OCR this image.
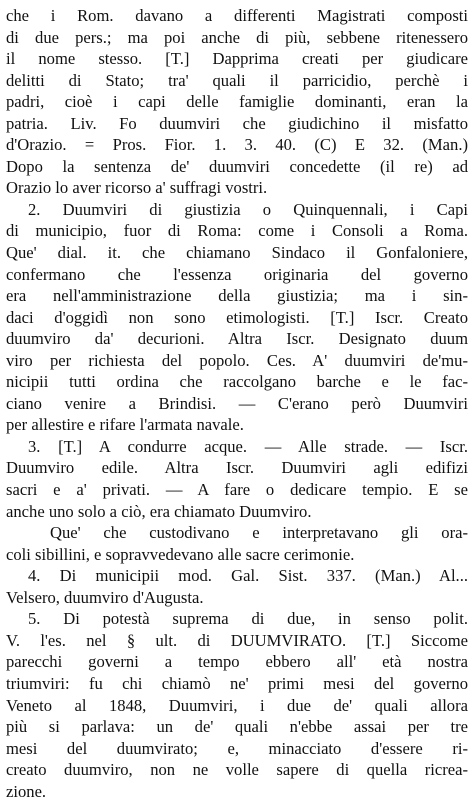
che i Rom. davano a differenti Magistrati composti
di due pers.; ma poi anche di più, sebbene ritenessero
il nome stesso. [T.] Dapprima creati per giudicare
delitti di Stato; tra' quali il parricidio, perchè i
padri, cioè i capi delle famiglie dominanti, eran la
patria. Liv. Fo duumviri che giudichino il misfatto
d'Orazio. = Pros. Fior. 1. 3. 40. (C) E 32. (Man.)
Dopo la sentenza de' duumviri concedette (il re) ad
Orazio lo aver ricorso a' suffragi vostri.
2. Duumviri di giustizia o Quinquennali, i Capi
di municipio, fuor di Roma: come i Consoli a Roma.
Que' dial. it. che chiamano Sindaco il Gonfaloniere,
confermano che l'essenza originaria del governo
era nell'amministrazione della giustizia; ma i sin-
daci d'oggidì non sono etimologisti. [T.] Iscr. Creato
duumviro da' decurioni. Altra Iscr. Designato duum
viro per richiesta del popolo. Ces. A' duumviri de'mu-
nicipii tutti ordina che raccolgano barche e le fac-
ciano venire a Brindisi. — C'erano però Duumviri
per allestire e rifare l'armata navale.
3. [T.] A condurre acque. — Alle strade. — Iscr.
Duumviro edile. Altra Iscr. Duumviri agli edifizi
sacri e a' privati. — A fare o dedicare tempio. E se
anche uno solo a ciò, era chiamato Duumviro.
Que' che custodivano e interpretavano gli ora-
coli sibillini, e sopravvedevano alle sacre cerimonie.
4. Di municipii mod. Gal. Sist. 337. (Man.) Al...
Velsero, duumviro d'Augusta.
5. Di potestà suprema di due, in senso polit.
V. l'es. nel § ult. di DUUMVIRATO. [T.] Siccome
parecchi governi a tempo ebbero all' età nostra
triumviri: fu chi chiamò ne' primi mesi del governo
Veneto al 1848, Duumviri, i due de' quali allora
più si parlava: un de' quali n'ebbe assai per tre
mesi del duumvirato; e, minacciato d'essere ri-
creato duumviro, non ne volle sapere di quella ricrea-
zione.
